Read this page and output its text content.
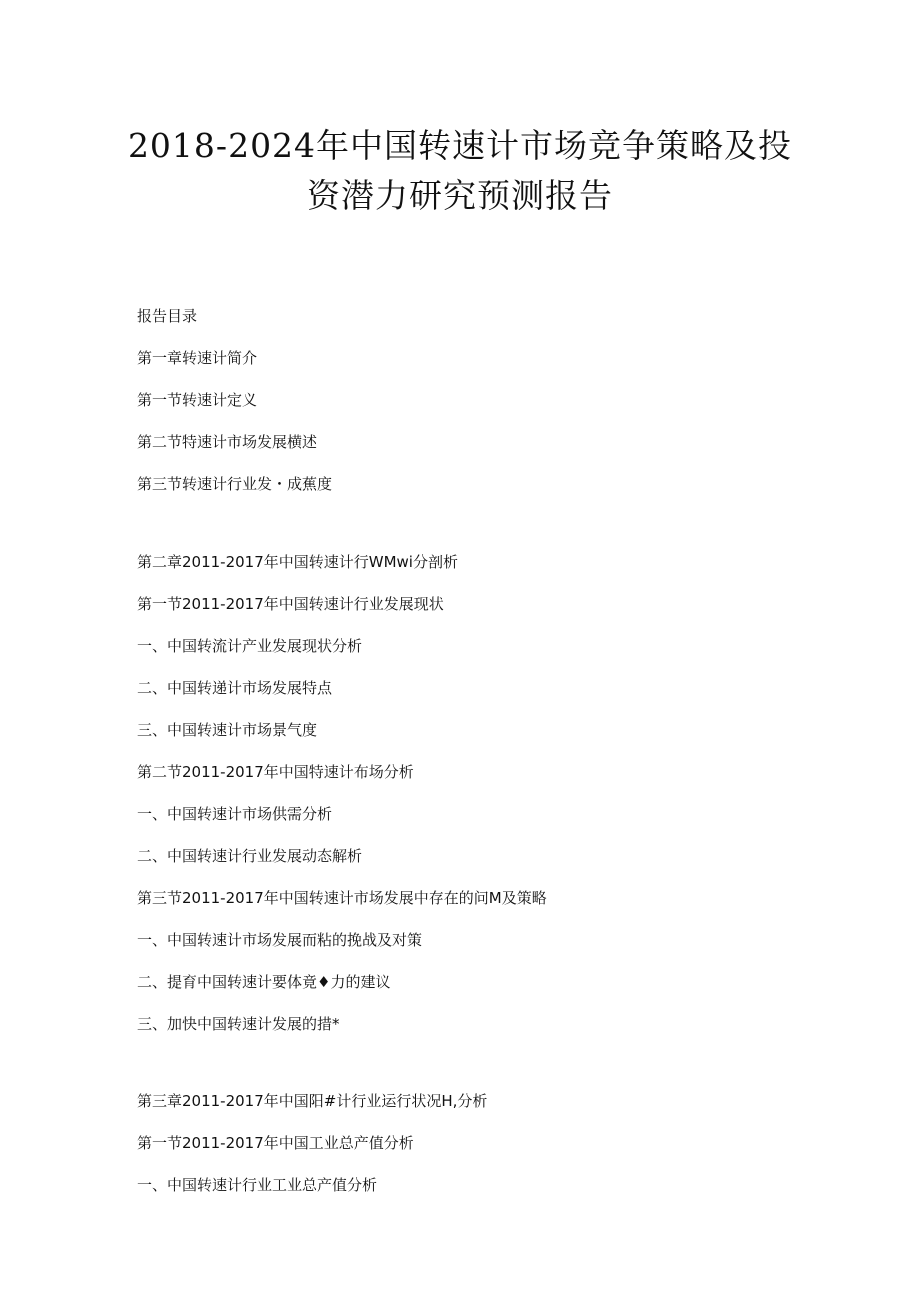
2018-2024年中国转速计市场竞争策略及投
资潜力研究预测报告
报告目录
第一章转速计简介
第一节转速计定义
第二节特速计市场发展横述
第三节转速计行业发・成蕉度
第二章2011-2017年中国转速计行WMwi分剖析
第一节2011-2017年中国转速计行业发展现状
一、中国转流计产业发展现状分析
二、中国转递计市场发展特点
三、中国转速计市场景气度
第二节2011-2017年中国特速计布场分析
一、中国转速计市场供需分析
二、中国转速计行业发展动态解析
第三节2011-2017年中国转速计市场发展中存在的问M及策略
一、中国转速计市场发展而粘的挽战及对策
二、提育中国转速计要体竟♦力的建议
三、加快中国转速计发展的措*
第三章2011-2017年中国阳#计行业运行状况H,分析
第一节2011-2017年中国工业总产值分析
一、中国转速计行业工业总产值分析
